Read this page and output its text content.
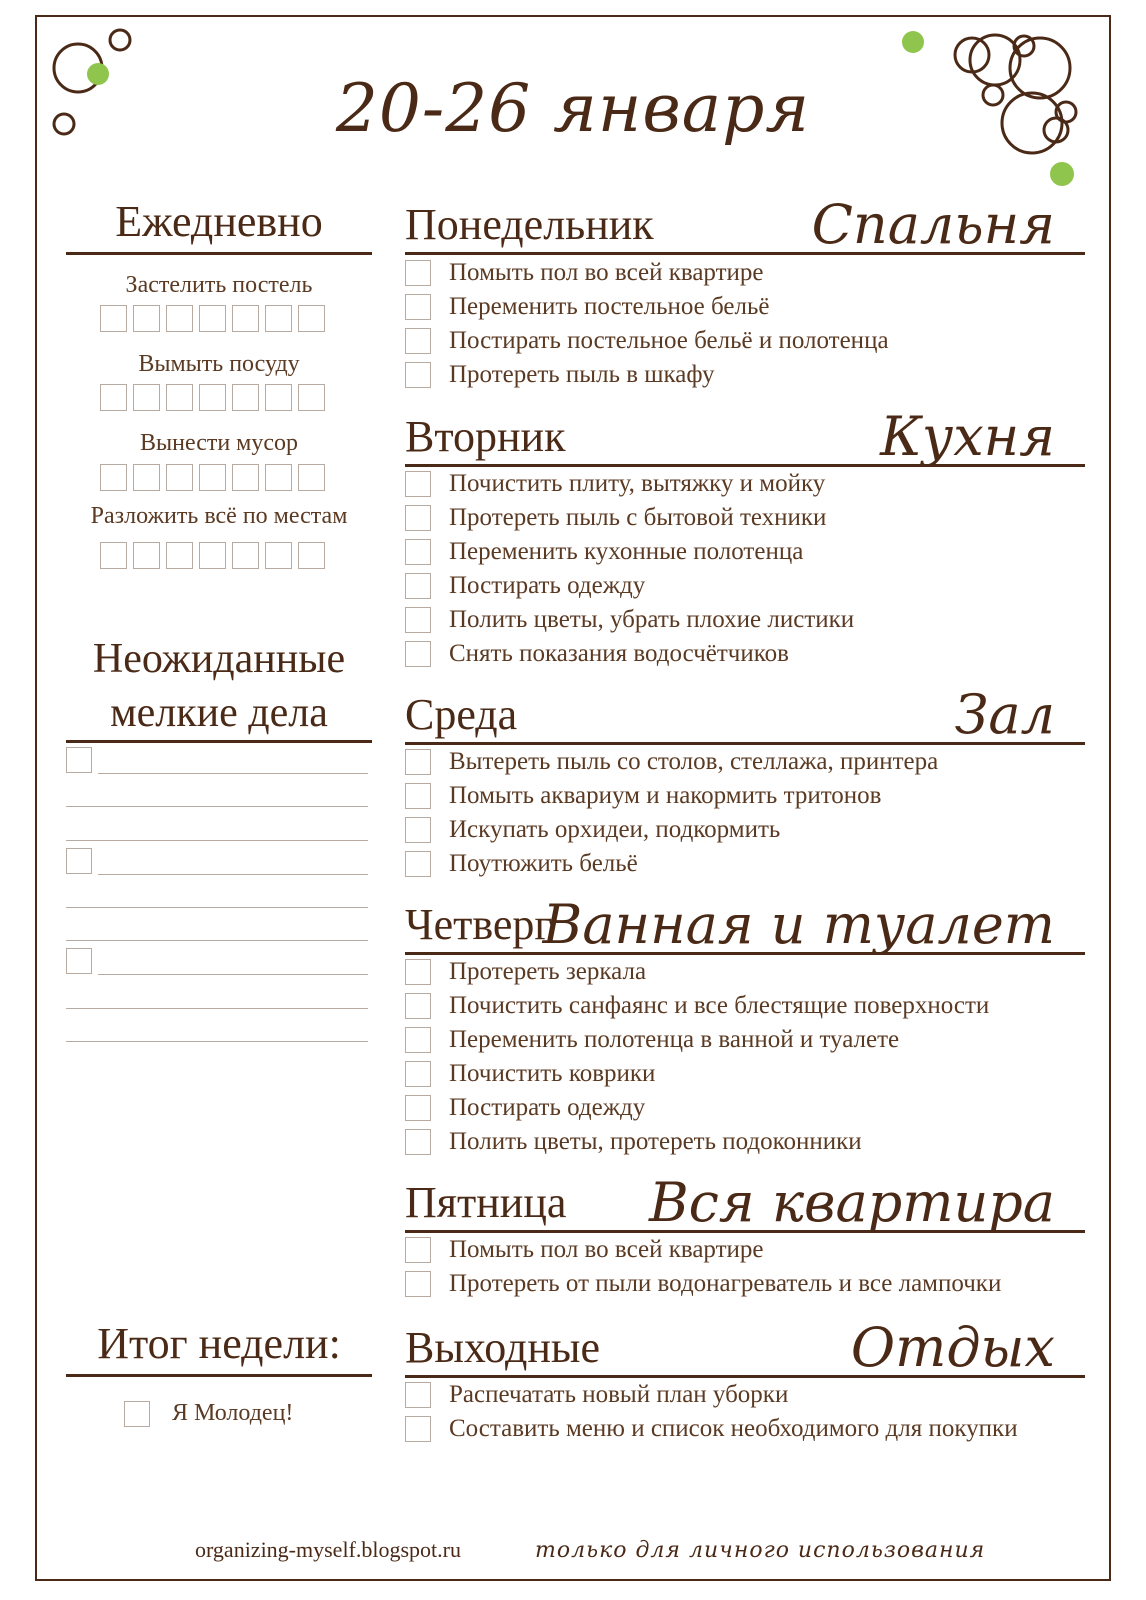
20-26 января
Ежедневно
Застелить постель
Вымыть посуду
Вынести мусор
Разложить всё по местам
Неожиданные
мелкие дела
Итог недели:
Я Молодец!
Понедельник	Спальня
Помыть пол во всей квартире
Переменить постельное бельё
Постирать постельное бельё и полотенца
Протереть пыль в шкафу
Вторник	Кухня
Почистить плиту, вытяжку и мойку
Протереть пыль с бытовой техники
Переменить кухонные полотенца
Постирать одежду
Полить цветы, убрать плохие листики
Снять показания водосчётчиков
Среда	Зал
Вытереть пыль со столов, стеллажа, принтера
Помыть аквариум и накормить тритонов
Искупать орхидеи, подкормить
Поутюжить бельё
Четверг
Ванная и туалет
Протереть зеркала
Почистить санфаянс и все блестящие поверхности
Переменить полотенца в ванной и туалете
Почистить коврики
Постирать одежду
Полить цветы, протереть подоконники
Пятница Вся квартира
Помыть пол во всей квартире
Протереть от пыли водонагреватель и все лампочки
Выходные	Отдых
Распечатать новый план уборки
Составить меню и список необходимого для покупки
organizing-myself.blogspot.ru	только для личного использования
